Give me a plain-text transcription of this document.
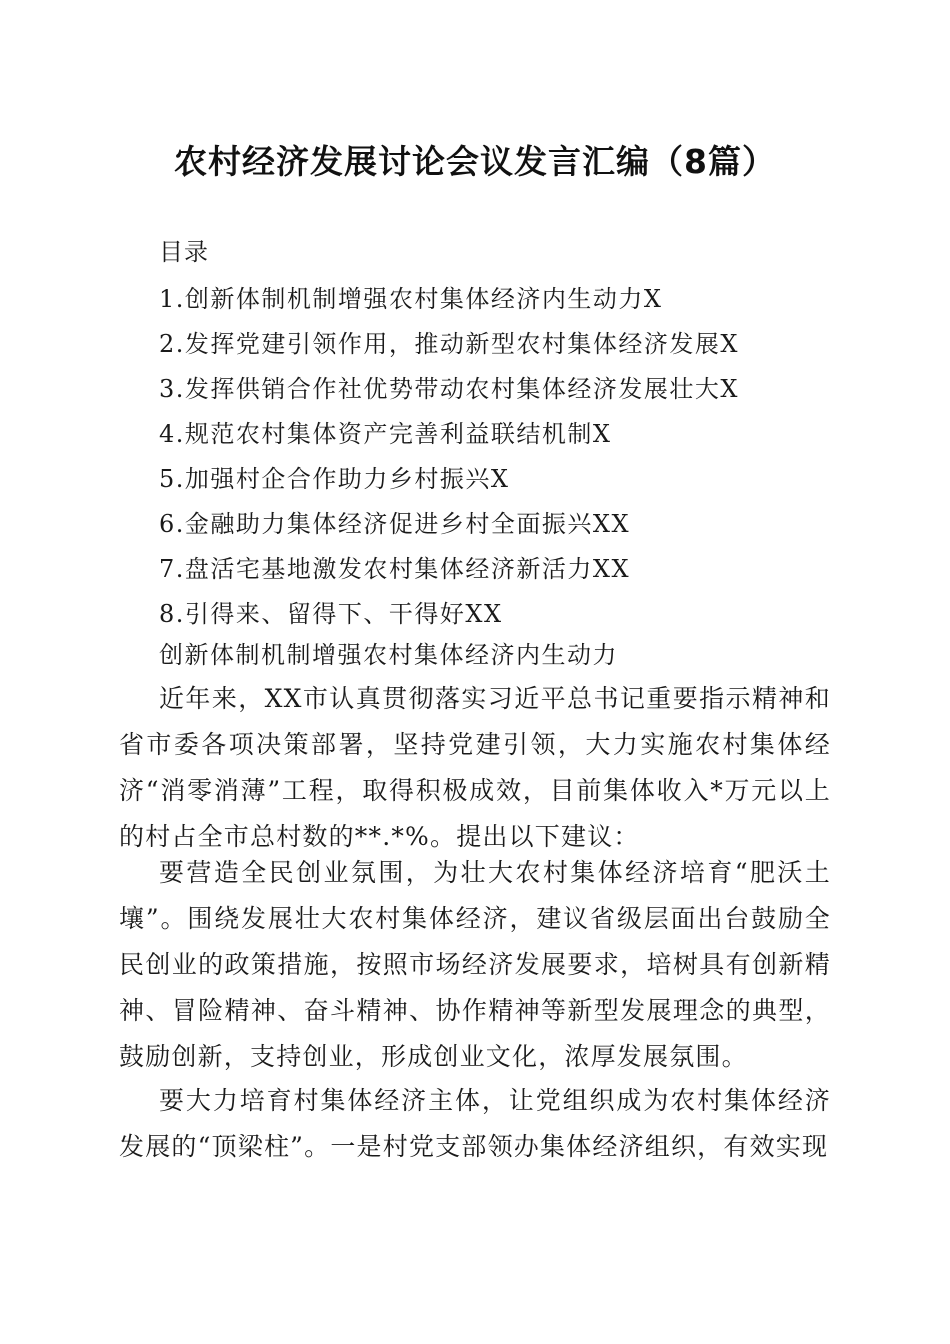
农村经济发展讨论会议发言汇编（8篇）
目录
1.创新体制机制增强农村集体经济内生动力X
2.发挥党建引领作用，推动新型农村集体经济发展X
3.发挥供销合作社优势带动农村集体经济发展壮大X
4.规范农村集体资产完善利益联结机制X
5.加强村企合作助力乡村振兴X
6.金融助力集体经济促进乡村全面振兴XX
7.盘活宅基地激发农村集体经济新活力XX
8.引得来、留得下、干得好XX
创新体制机制增强农村集体经济内生动力

近年来，XX市认真贯彻落实习近平总书记重要指示精神和省市委各项决策部署，坚持党建引领，大力实施农村集体经济“消零消薄”工程，取得积极成效，目前集体收入*万元以上的村占全市总村数的**.*%。提出以下建议：

要营造全民创业氛围，为壮大农村集体经济培育“肥沃土壤”。围绕发展壮大农村集体经济，建议省级层面出台鼓励全民创业的政策措施，按照市场经济发展要求，培树具有创新精神、冒险精神、奋斗精神、协作精神等新型发展理念的典型，鼓励创新，支持创业，形成创业文化，浓厚发展氛围。

要大力培育村集体经济主体，让党组织成为农村集体经济发展的“顶梁柱”。一是村党支部领办集体经济组织，有效实现
